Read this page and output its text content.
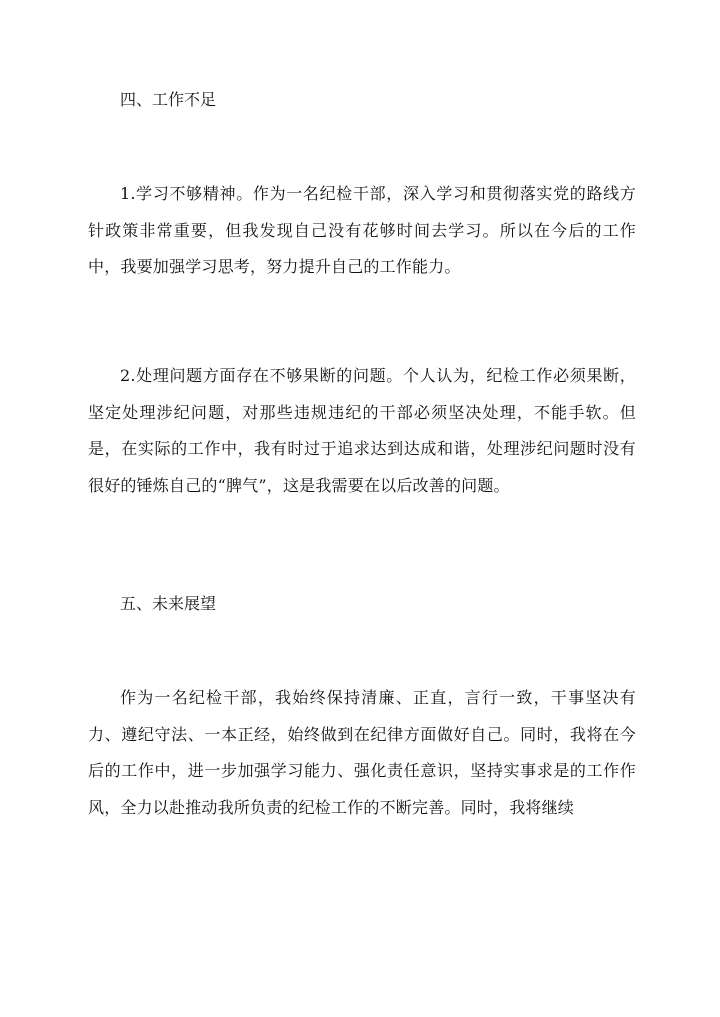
四、工作不足
1.学习不够精神。作为一名纪检干部，深入学习和贯彻落实党的路线方针政策非常重要，但我发现自己没有花够时间去学习。所以在今后的工作中，我要加强学习思考，努力提升自己的工作能力。
2.处理问题方面存在不够果断的问题。个人认为，纪检工作必须果断，坚定处理涉纪问题，对那些违规违纪的干部必须坚决处理，不能手软。但是，在实际的工作中，我有时过于追求达到达成和谐，处理涉纪问题时没有很好的锤炼自己的“脾气”，这是我需要在以后改善的问题。
五、未来展望
作为一名纪检干部，我始终保持清廉、正直，言行一致，干事坚决有力、遵纪守法、一本正经，始终做到在纪律方面做好自己。同时，我将在今后的工作中，进一步加强学习能力、强化责任意识，坚持实事求是的工作作风，全力以赴推动我所负责的纪检工作的不断完善。同时，我将继续
